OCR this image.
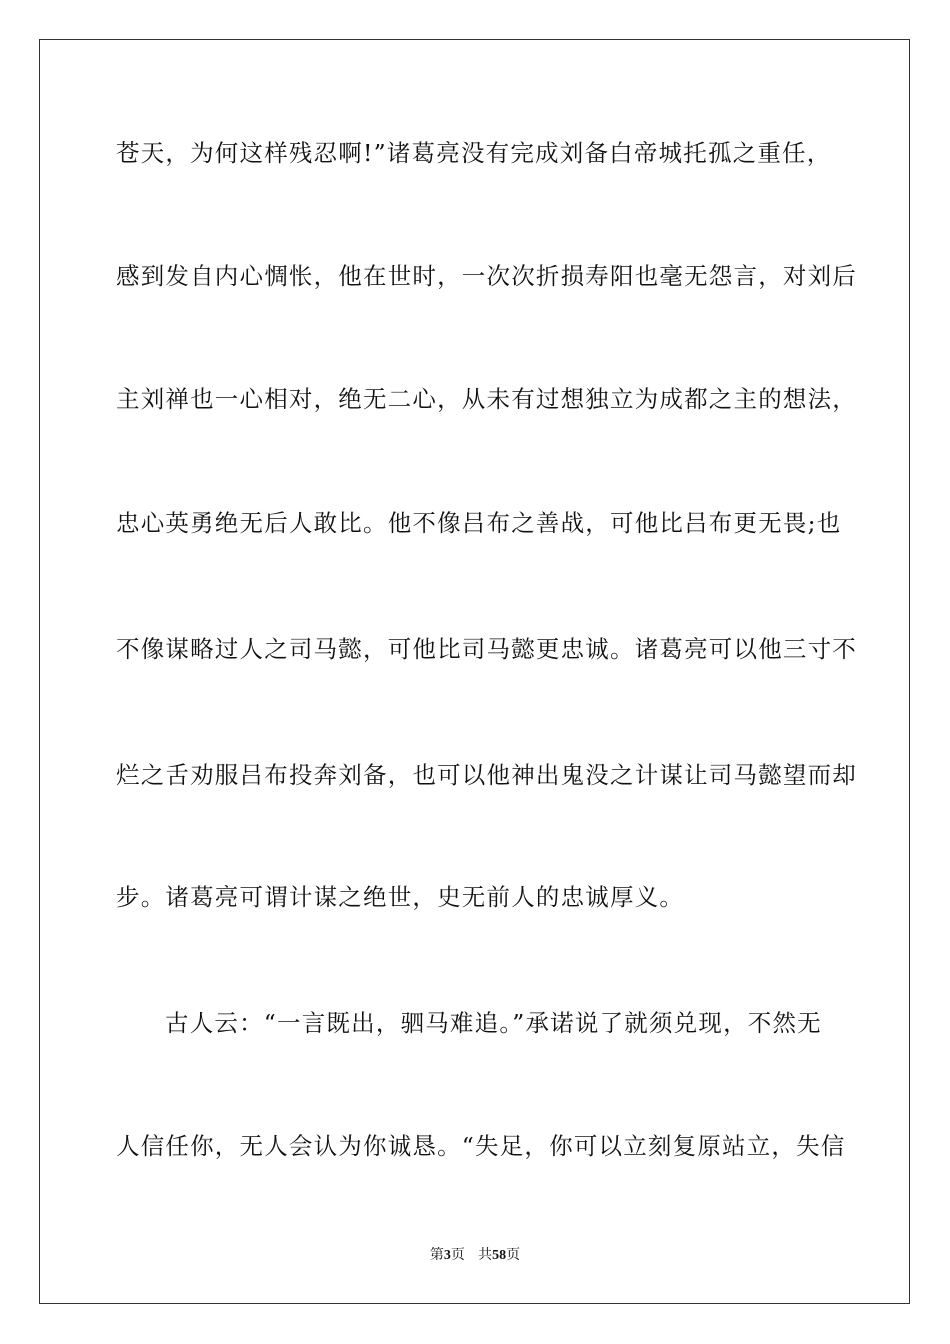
苍天，为何这样残忍啊!”诸葛亮没有完成刘备白帝城托孤之重任，
感到发自内心惆怅，他在世时，一次次折损寿阳也毫无怨言，对刘后
主刘禅也一心相对，绝无二心，从未有过想独立为成都之主的想法，
忠心英勇绝无后人敢比。他不像吕布之善战，可他比吕布更无畏;也
不像谋略过人之司马懿，可他比司马懿更忠诚。诸葛亮可以他三寸不
烂之舌劝服吕布投奔刘备，也可以他神出鬼没之计谋让司马懿望而却
步。诸葛亮可谓计谋之绝世，史无前人的忠诚厚义。
古人云：“一言既出，驷马难追。”承诺说了就须兑现，不然无
人信任你，无人会认为你诚恳。“失足，你可以立刻复原站立，失信
第3页   共58页
